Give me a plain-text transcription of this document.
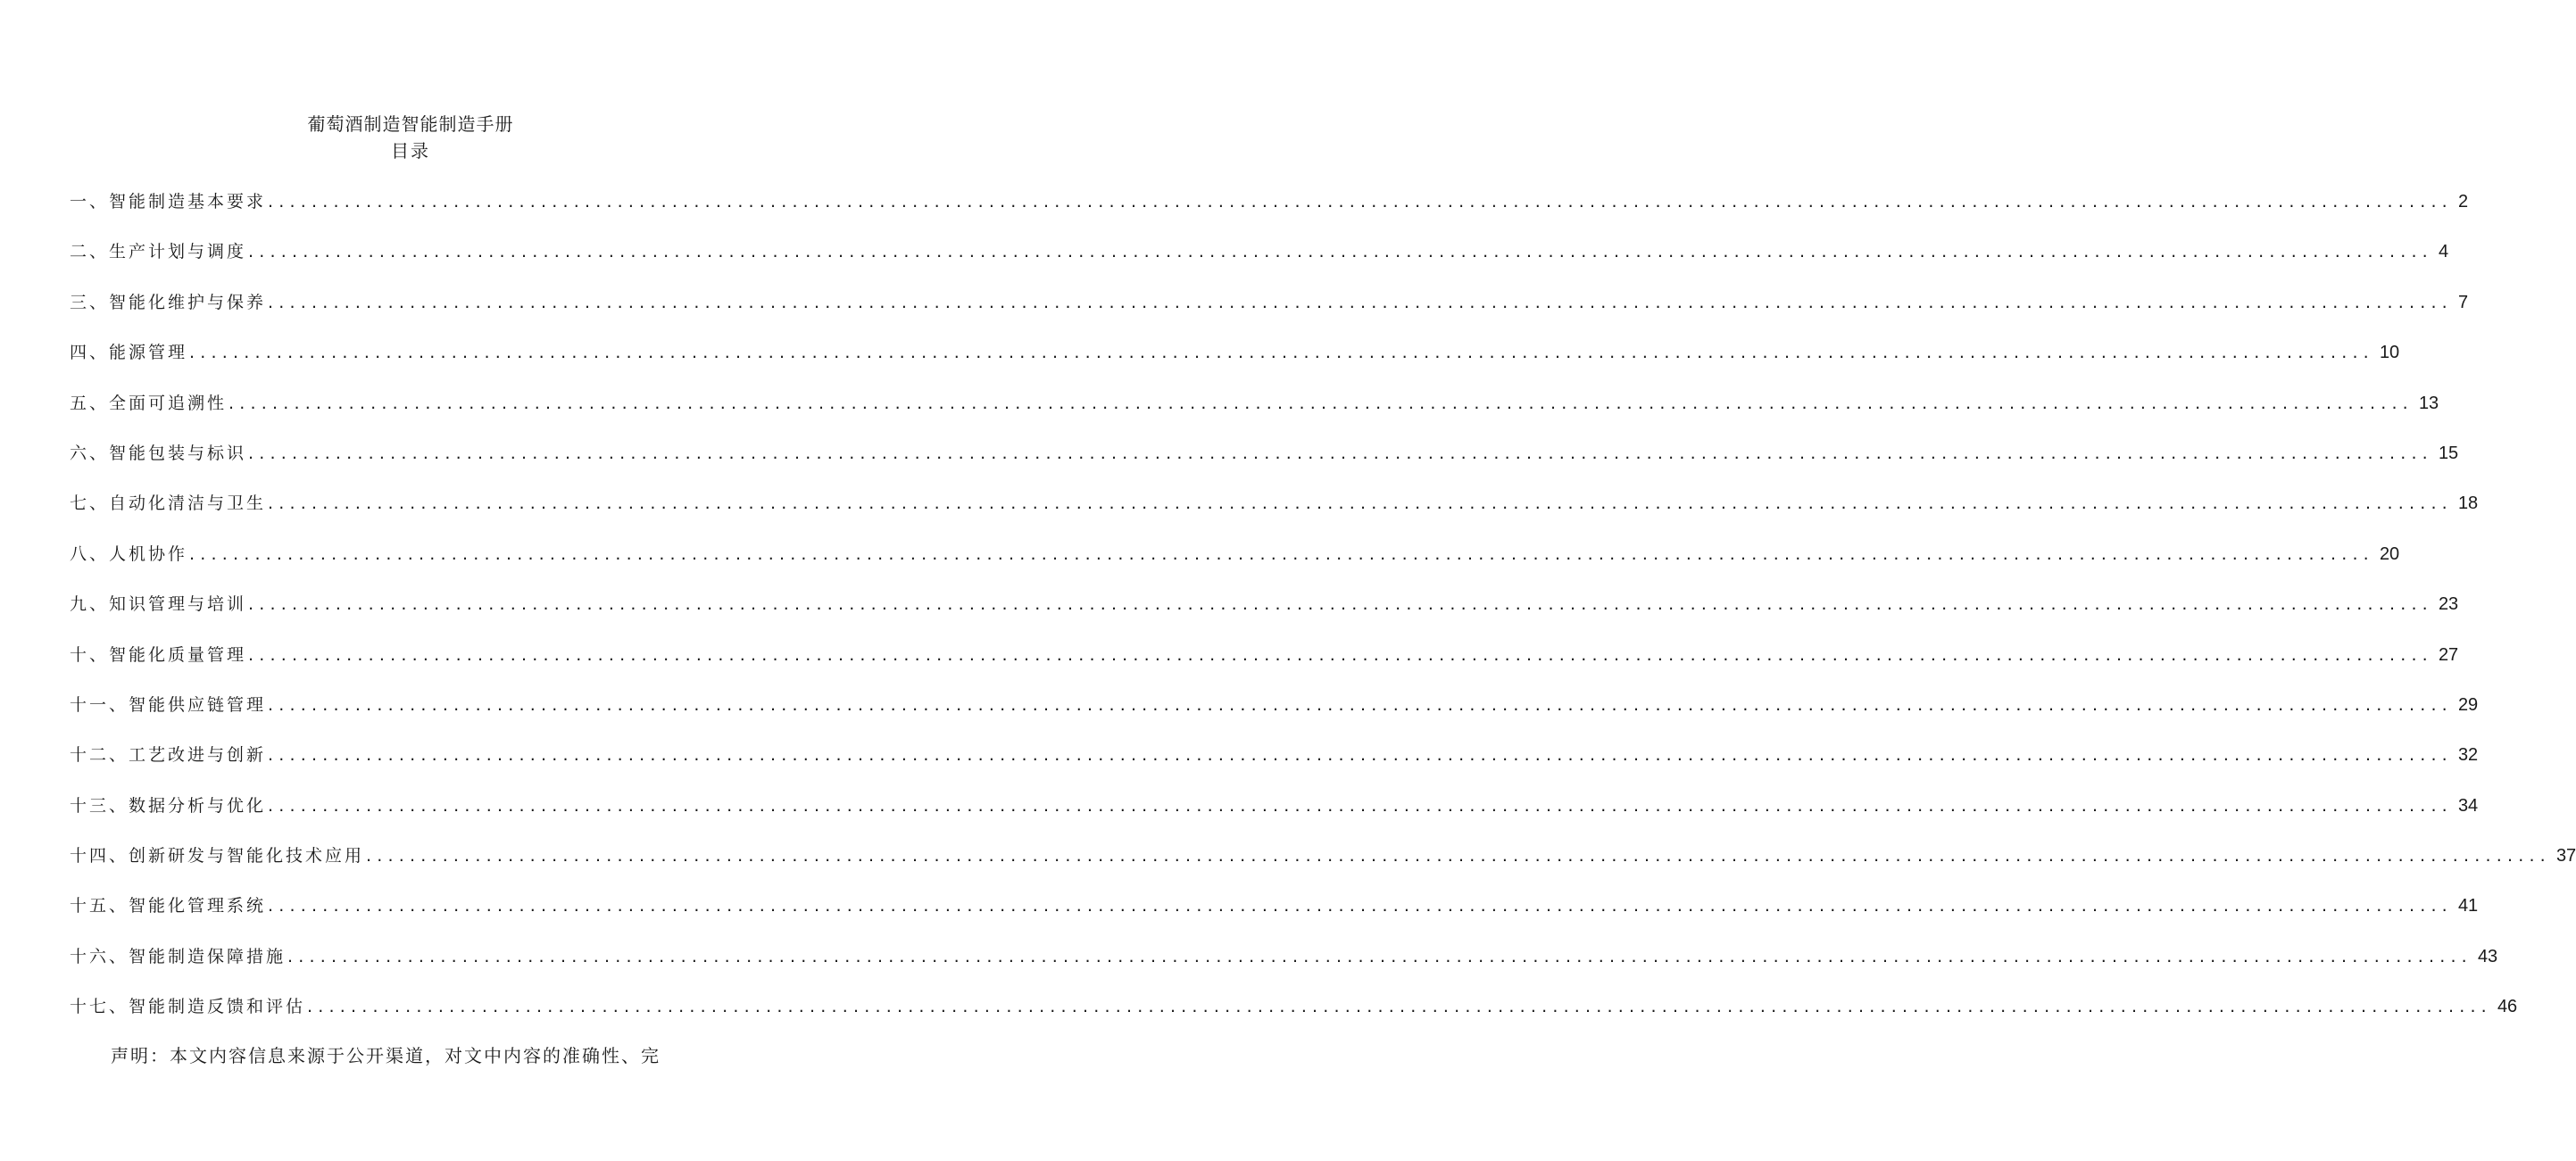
葡萄酒制造智能制造手册
目录
一、智能制造基本要求 ........................................................................................................................................................................................................ 2
二、生产计划与调度 ........................................................................................................................................................................................................ 4
三、智能化维护与保养 ........................................................................................................................................................................................................ 7
四、能源管理 ........................................................................................................................................................................................................ 10
五、全面可追溯性 ........................................................................................................................................................................................................ 13
六、智能包装与标识 ........................................................................................................................................................................................................ 15
七、自动化清洁与卫生 ........................................................................................................................................................................................................ 18
八、人机协作 ........................................................................................................................................................................................................ 20
九、知识管理与培训 ........................................................................................................................................................................................................ 23
十、智能化质量管理 ........................................................................................................................................................................................................ 27
十一、智能供应链管理 ........................................................................................................................................................................................................ 29
十二、工艺改进与创新 ........................................................................................................................................................................................................ 32
十三、数据分析与优化 ........................................................................................................................................................................................................ 34
十四、创新研发与智能化技术应用 ........................................................................................................................................................................................................ 37
十五、智能化管理系统 ........................................................................................................................................................................................................ 41
十六、智能制造保障措施 ........................................................................................................................................................................................................ 43
十七、智能制造反馈和评估 ........................................................................................................................................................................................................ 46
声明：本文内容信息来源于公开渠道，对文中内容的准确性、完
